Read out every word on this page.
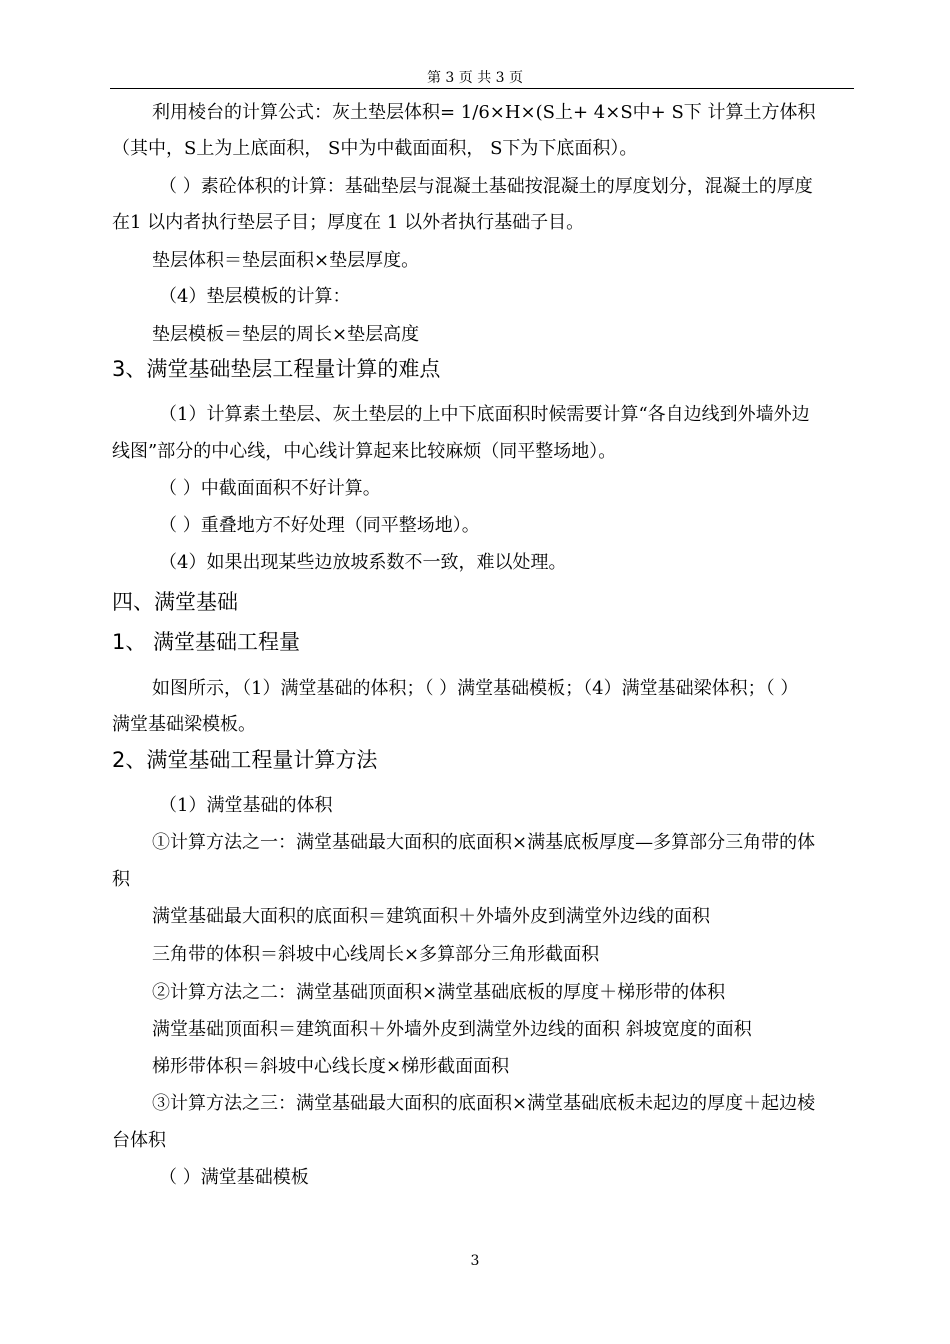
第 3 页 共 3 页
利用棱台的计算公式：灰土垫层体积= 1/6×H×(S上+ 4×S中+ S下 计算土方体积
（其中，S上为上底面积， S中为中截面面积， S下为下底面积）。
（ ）素砼体积的计算：基础垫层与混凝土基础按混凝土的厚度划分，混凝土的厚度
在1 以内者执行垫层子目；厚度在 1 以外者执行基础子目。
垫层体积＝垫层面积×垫层厚度。
（4）垫层模板的计算：
垫层模板＝垫层的周长×垫层高度
3、满堂基础垫层工程量计算的难点
（1）计算素土垫层、灰土垫层的上中下底面积时候需要计算“各自边线到外墙外边
线图”部分的中心线，中心线计算起来比较麻烦（同平整场地）。
（ ）中截面面积不好计算。
（ ）重叠地方不好处理（同平整场地）。
（4）如果出现某些边放坡系数不一致，难以处理。
四、满堂基础
1、 满堂基础工程量
如图所示，（1）满堂基础的体积；（ ）满堂基础模板；（4）满堂基础梁体积；（ ）
满堂基础梁模板。
2、满堂基础工程量计算方法
（1）满堂基础的体积
①计算方法之一：满堂基础最大面积的底面积×满基底板厚度—多算部分三角带的体
积
满堂基础最大面积的底面积＝建筑面积＋外墙外皮到满堂外边线的面积
三角带的体积＝斜坡中心线周长×多算部分三角形截面积
②计算方法之二：满堂基础顶面积×满堂基础底板的厚度＋梯形带的体积
满堂基础顶面积＝建筑面积＋外墙外皮到满堂外边线的面积 斜坡宽度的面积
梯形带体积＝斜坡中心线长度×梯形截面面积
③计算方法之三：满堂基础最大面积的底面积×满堂基础底板未起边的厚度＋起边棱
台体积
（ ）满堂基础模板
3
